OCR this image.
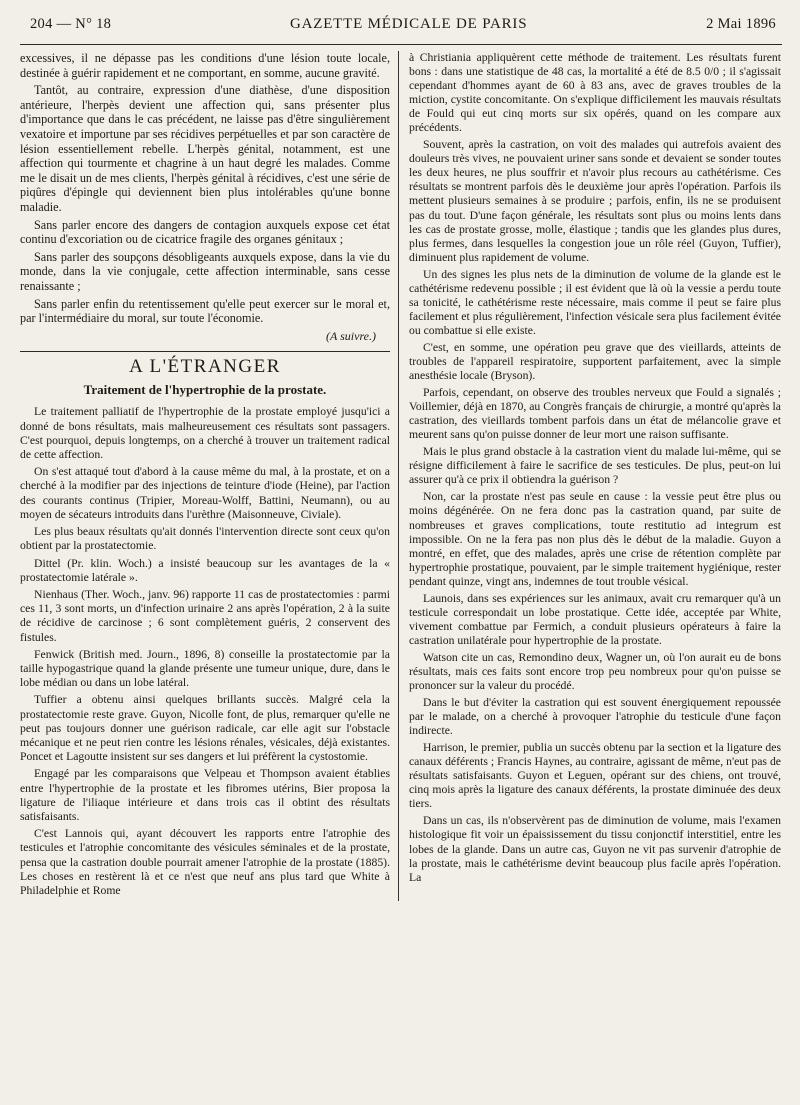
204 — N° 18	GAZETTE MÉDICALE DE PARIS	2 Mai 1896

excessives, il ne dépasse pas les conditions d'une lésion toute locale, destinée à guérir rapidement et ne comportant, en somme, aucune gravité.

Tantôt, au contraire, expression d'une diathèse, d'une disposition antérieure, l'herpès devient une affection qui, sans présenter plus d'importance que dans le cas précédent, ne laisse pas d'être singulièrement vexatoire et importune par ses récidives perpétuelles et par son caractère de lésion essentiellement rebelle. L'herpès génital, notamment, est une affection qui tourmente et chagrine à un haut degré les malades. Comme me le disait un de mes clients, l'herpès génital à récidives, c'est une série de piqûres d'épingle qui deviennent bien plus intolérables qu'une bonne maladie.

Sans parler encore des dangers de contagion auxquels expose cet état continu d'excoriation ou de cicatrice fragile des organes génitaux ;

Sans parler des soupçons désobligeants auxquels expose, dans la vie du monde, dans la vie conjugale, cette affection interminable, sans cesse renaissante ;

Sans parler enfin du retentissement qu'elle peut exercer sur le moral et, par l'intermédiaire du moral, sur toute l'économie.

(A suivre.)
A L'ÉTRANGER
Traitement de l'hypertrophie de la prostate.

Le traitement palliatif de l'hypertrophie de la prostate employé jusqu'ici a donné de bons résultats, mais malheureusement ces résultats sont passagers. C'est pourquoi, depuis longtemps, on a cherché à trouver un traitement radical de cette affection.

On s'est attaqué tout d'abord à la cause même du mal, à la prostate, et on a cherché à la modifier par des injections de teinture d'iode (Heine), par l'action des courants continus (Tripier, Moreau-Wolff, Battini, Neumann), ou au moyen de sécateurs introduits dans l'urèthre (Maisonneuve, Civiale).

Les plus beaux résultats qu'ait donnés l'intervention directe sont ceux qu'on obtient par la prostatectomie.

Dittel (Pr. klin. Woch.) a insisté beaucoup sur les avantages de la « prostatectomie latérale ».

Nienhaus (Ther. Woch., janv. 96) rapporte 11 cas de prostatectomies : parmi ces 11, 3 sont morts, un d'infection urinaire 2 ans après l'opération, 2 à la suite de récidive de carcinose ; 6 sont complètement guéris, 2 conservent des fistules.

Fenwick (British med. Journ., 1896, 8) conseille la prostatectomie par la taille hypogastrique quand la glande présente une tumeur unique, dure, dans le lobe médian ou dans un lobe latéral.

Tuffier a obtenu ainsi quelques brillants succès. Malgré cela la prostatectomie reste grave. Guyon, Nicolle font, de plus, remarquer qu'elle ne peut pas toujours donner une guérison radicale, car elle agit sur l'obstacle mécanique et ne peut rien contre les lésions rénales, vésicales, déjà existantes. Poncet et Lagoutte insistent sur ses dangers et lui préfèrent la cystostomie.

Engagé par les comparaisons que Velpeau et Thompson avaient établies entre l'hypertrophie de la prostate et les fibromes utérins, Bier proposa la ligature de l'iliaque intérieure et dans trois cas il obtint des résultats satisfaisants.

C'est Lannois qui, ayant découvert les rapports entre l'atrophie des testicules et l'atrophie concomitante des vésicules séminales et de la prostate, pensa que la castration double pourrait amener l'atrophie de la prostate (1885). Les choses en restèrent là et ce n'est que neuf ans plus tard que White à Philadelphie et Rome

à Christiania appliquèrent cette méthode de traitement. Les résultats furent bons : dans une statistique de 48 cas, la mortalité a été de 8.5 0/0 ; il s'agissait cependant d'hommes ayant de 60 à 83 ans, avec de graves troubles de la miction, cystite concomitante. On s'explique difficilement les mauvais résultats de Fould qui eut cinq morts sur six opérés, quand on les compare aux précédents.

Souvent, après la castration, on voit des malades qui autrefois avaient des douleurs très vives, ne pouvaient uriner sans sonde et devaient se sonder toutes les deux heures, ne plus souffrir et n'avoir plus recours au cathétérisme. Ces résultats se montrent parfois dès le deuxième jour après l'opération. Parfois ils mettent plusieurs semaines à se produire ; parfois, enfin, ils ne se produisent pas du tout. D'une façon générale, les résultats sont plus ou moins lents dans les cas de prostate grosse, molle, élastique ; tandis que les glandes plus dures, plus fermes, dans lesquelles la congestion joue un rôle réel (Guyon, Tuffier), diminuent plus rapidement de volume.

Un des signes les plus nets de la diminution de volume de la glande est le cathétérisme redevenu possible ; il est évident que là où la vessie a perdu toute sa tonicité, le cathétérisme reste nécessaire, mais comme il peut se faire plus facilement et plus régulièrement, l'infection vésicale sera plus facilement évitée ou combattue si elle existe.

C'est, en somme, une opération peu grave que des vieillards, atteints de troubles de l'appareil respiratoire, supportent parfaitement, avec la simple anesthésie locale (Bryson).

Parfois, cependant, on observe des troubles nerveux que Fould a signalés ; Voillemier, déjà en 1870, au Congrès français de chirurgie, a montré qu'après la castration, des vieillards tombent parfois dans un état de mélancolie grave et meurent sans qu'on puisse donner de leur mort une raison suffisante.

Mais le plus grand obstacle à la castration vient du malade lui-même, qui se résigne difficilement à faire le sacrifice de ses testicules. De plus, peut-on lui assurer qu'à ce prix il obtiendra la guérison ?

Non, car la prostate n'est pas seule en cause : la vessie peut être plus ou moins dégénérée. On ne fera donc pas la castration quand, par suite de nombreuses et graves complications, toute restitutio ad integrum est impossible. On ne la fera pas non plus dès le début de la maladie. Guyon a montré, en effet, que des malades, après une crise de rétention complète par hypertrophie prostatique, pouvaient, par le simple traitement hygiénique, rester pendant quinze, vingt ans, indemnes de tout trouble vésical.

Launois, dans ses expériences sur les animaux, avait cru remarquer qu'à un testicule correspondait un lobe prostatique. Cette idée, acceptée par White, vivement combattue par Fermich, a conduit plusieurs opérateurs à faire la castration unilatérale pour hypertrophie de la prostate.

Watson cite un cas, Remondino deux, Wagner un, où l'on aurait eu de bons résultats, mais ces faits sont encore trop peu nombreux pour qu'on puisse se prononcer sur la valeur du procédé.

Dans le but d'éviter la castration qui est souvent énergiquement repoussée par le malade, on a cherché à provoquer l'atrophie du testicule d'une façon indirecte.

Harrison, le premier, publia un succès obtenu par la section et la ligature des canaux déférents ; Francis Haynes, au contraire, agissant de même, n'eut pas de résultats satisfaisants. Guyon et Leguen, opérant sur des chiens, ont trouvé, cinq mois après la ligature des canaux déférents, la prostate diminuée des deux tiers.

Dans un cas, ils n'observèrent pas de diminution de volume, mais l'examen histologique fit voir un épaississement du tissu conjonctif interstitiel, entre les lobes de la glande. Dans un autre cas, Guyon ne vit pas survenir d'atrophie de la prostate, mais le cathétérisme devint beaucoup plus facile après l'opération. La
